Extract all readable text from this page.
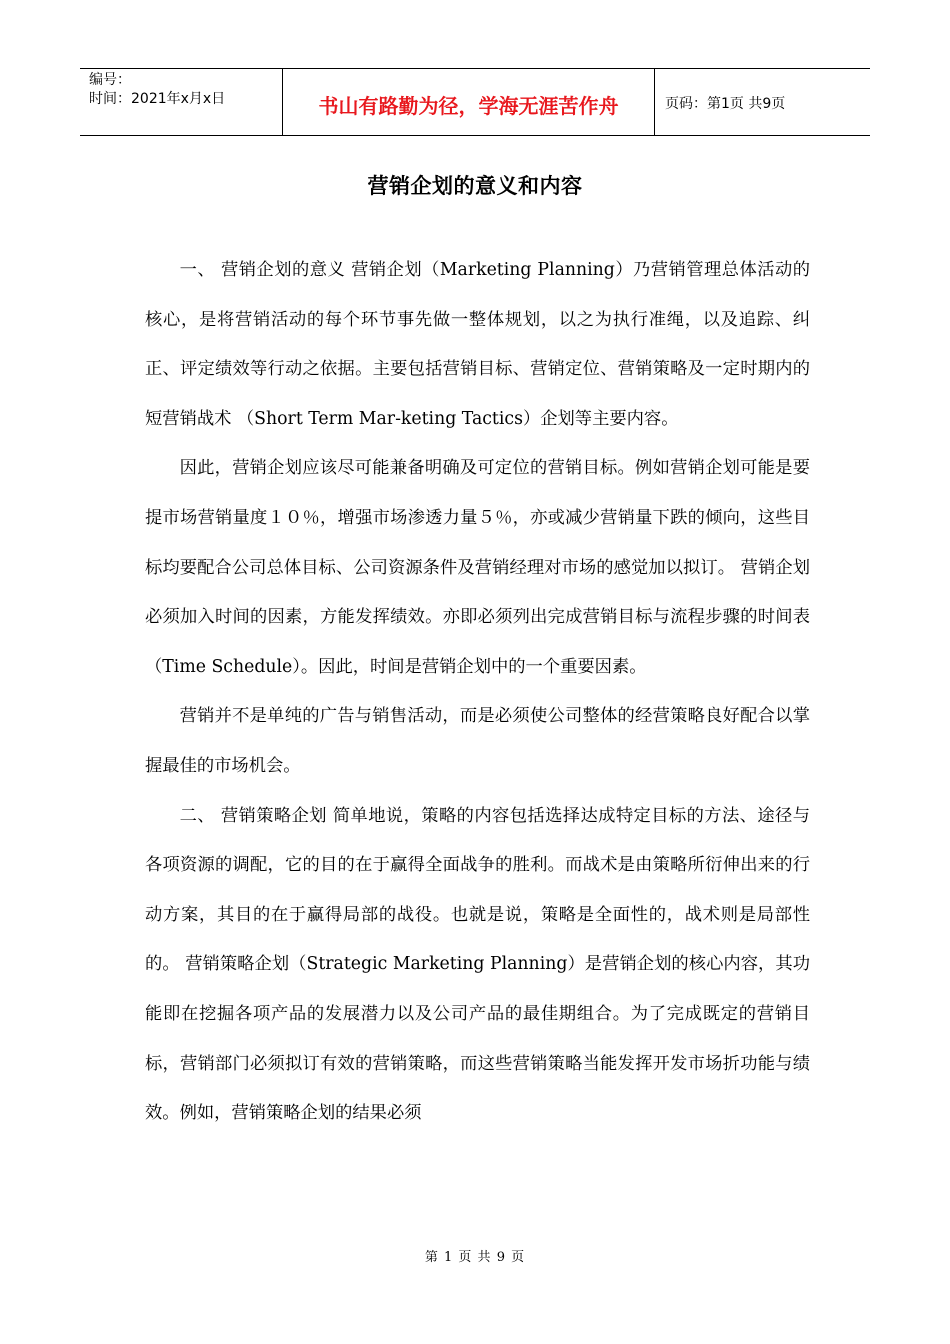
编号：
时间：2021年x月x日	书山有路勤为径，学海无涯苦作舟	页码：第1页 共9页
营销企划的意义和内容

一、 营销企划的意义 营销企划（Marketing Planning）乃营销管理总体活动的核心，是将营销活动的每个环节事先做一整体规划，以之为执行准绳，以及追踪、纠正、评定绩效等行动之依据。主要包括营销目标、营销定位、营销策略及一定时期内的短营销战术 （Short Term Mar-keting Tactics）企划等主要内容。

因此，营销企划应该尽可能兼备明确及可定位的营销目标。例如营销企划可能是要提市场营销量度１０％，增强市场渗透力量５％，亦或减少营销量下跌的倾向，这些目标均要配合公司总体目标、公司资源条件及营销经理对市场的感觉加以拟订。 营销企划必须加入时间的因素，方能发挥绩效。亦即必须列出完成营销目标与流程步骤的时间表（Time Schedule）。因此，时间是营销企划中的一个重要因素。

营销并不是单纯的广告与销售活动，而是必须使公司整体的经营策略良好配合以掌握最佳的市场机会。

二、 营销策略企划 简单地说，策略的内容包括选择达成特定目标的方法、途径与各项资源的调配，它的目的在于赢得全面战争的胜利。而战术是由策略所衍伸出来的行动方案，其目的在于赢得局部的战役。也就是说，策略是全面性的，战术则是局部性的。 营销策略企划（Strategic Marketing Planning）是营销企划的核心内容，其功能即在挖掘各项产品的发展潜力以及公司产品的最佳期组合。为了完成既定的营销目标，营销部门必须拟订有效的营销策略，而这些营销策略当能发挥开发市场折功能与绩效。例如，营销策略企划的结果必须

第 1 页 共 9 页
